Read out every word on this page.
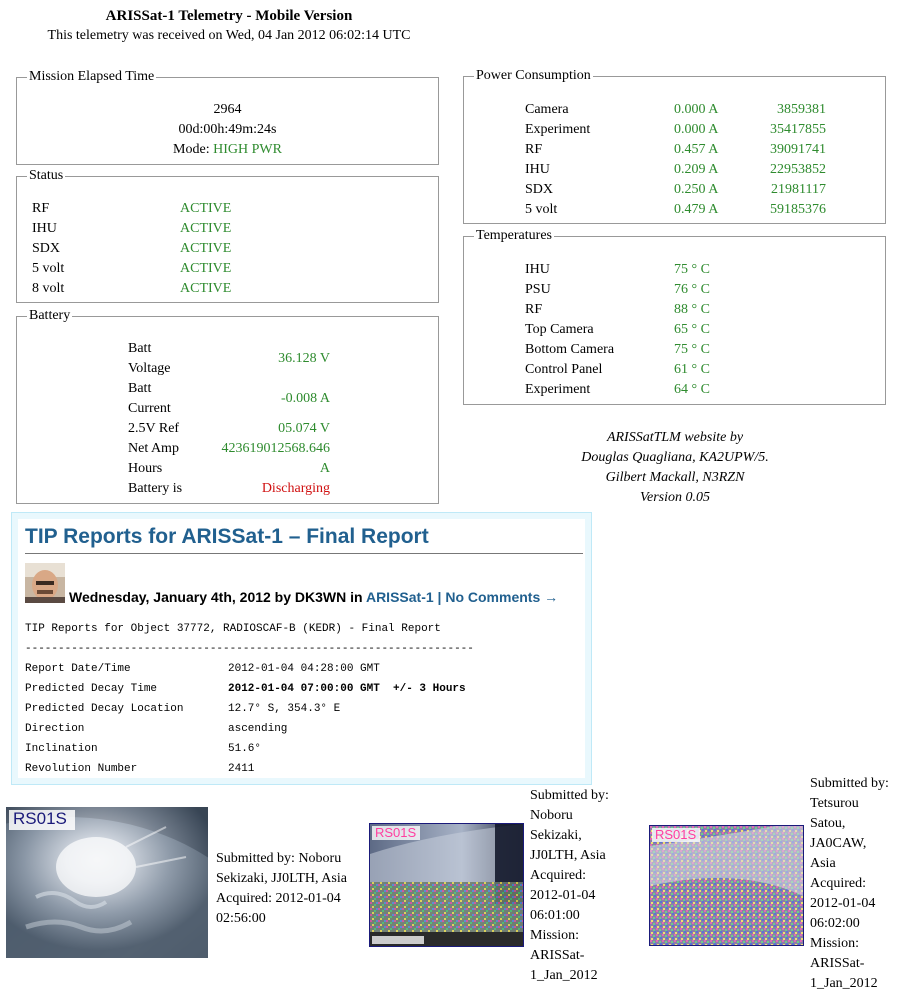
ARISSat-1 Telemetry - Mobile Version
This telemetry was received on Wed, 04 Jan 2012 06:02:14 UTC
Mission Elapsed Time
2964
00d:00h:49m:24s
Mode: HIGH PWR
Status
RF	ACTIVE
IHU	ACTIVE
SDX	ACTIVE
5 volt	ACTIVE
8 volt	ACTIVE
Battery
Batt
Voltage
36.128 V
Batt
Current
-0.008 A
2.5V Ref	05.074 V
Net Amp	423619012568.646
Hours	A
Battery is	Discharging
Power Consumption
Camera	0.000 A	3859381
Experiment	0.000 A	35417855
RF	0.457 A	39091741
IHU	0.209 A	22953852
SDX	0.250 A	21981117
5 volt	0.479 A	59185376
Temperatures
IHU	75 ° C
PSU	76 ° C
RF	88 ° C
Top Camera	65 ° C
Bottom Camera	75 ° C
Control Panel	61 ° C
Experiment	64 ° C
ARISSatTLM website by
Douglas Quagliana, KA2UPW/5.
Gilbert Mackall, N3RZN
Version 0.05
TIP Reports for ARISSat-1 – Final Report
Wednesday, January 4th, 2012 by DK3WN in ARISSat-1 | No Comments →
TIP Reports for Object 37772, RADIOSCAF-B (KEDR) - Final Report
--------------------------------------------------------------------
Report Date/Time	2012-01-04 04:28:00 GMT
Predicted Decay Time	2012-01-04 07:00:00 GMT  +/- 3 Hours
Predicted Decay Location	12.7° S, 354.3° E
Direction	ascending
Inclination	51.6°
Revolution Number	2411
RS01S
Submitted by: Noboru
Sekizaki, JJ0LTH, Asia
Acquired: 2012-01-04
02:56:00
RS01S
Submitted by:
Noboru
Sekizaki,
JJ0LTH, Asia
Acquired:
2012-01-04
06:01:00
Mission:
ARISSat-
1_Jan_2012
RS01S
Submitted by:
Tetsurou
Satou,
JA0CAW,
Asia
Acquired:
2012-01-04
06:02:00
Mission:
ARISSat-
1_Jan_2012
